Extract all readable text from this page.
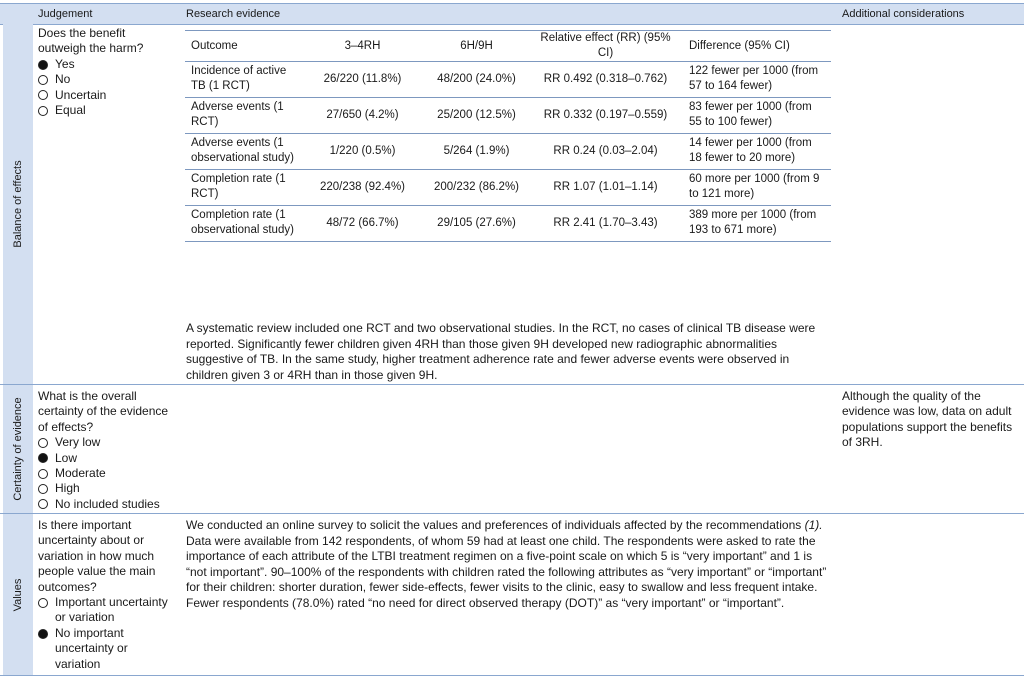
Judgement	Research evidence	Additional considerations
Balance of effects
Does the benefit outweigh the harm?
Yes
No
Uncertain
Equal
Outcome	3–4RH	6H/9H	Relative effect (RR) (95% CI)	Difference (95% CI)
Incidence of active TB (1 RCT)	26/220 (11.8%)	48/200 (24.0%)	RR 0.492 (0.318–0.762)	122 fewer per 1000 (from 57 to 164 fewer)
Adverse events (1 RCT)	27/650 (4.2%)	25/200 (12.5%)	RR 0.332 (0.197–0.559)	83 fewer per 1000 (from 55 to 100 fewer)
Adverse events (1 observational study)	1/220 (0.5%)	5/264 (1.9%)	RR 0.24 (0.03–2.04)	14 fewer per 1000 (from 18 fewer to 20 more)
Completion rate (1 RCT)	220/238 (92.4%)	200/232 (86.2%)	RR 1.07 (1.01–1.14)	60 more per 1000 (from 9 to 121 more)
Completion rate (1 observational study)	48/72 (66.7%)	29/105 (27.6%)	RR 2.41 (1.70–3.43)	389 more per 1000 (from 193 to 671 more)
A systematic review included one RCT and two observational studies. In the RCT, no cases of clinical TB disease were reported. Significantly fewer children given 4RH than those given 9H developed new radiographic abnormalities suggestive of TB. In the same study, higher treatment adherence rate and fewer adverse events were observed in children given 3 or 4RH than in those given 9H.
Certainty of evidence
What is the overall certainty of the evidence of effects?
Very low
Low
Moderate
High
No included studies
Although the quality of the evidence was low, data on adult populations support the benefits of 3RH.
Values
Is there important uncertainty about or variation in how much people value the main outcomes?
Important uncertainty or variation
No important uncertainty or variation
We conducted an online survey to solicit the values and preferences of individuals affected by the recommendations (1). Data were available from 142 respondents, of whom 59 had at least one child. The respondents were asked to rate the importance of each attribute of the LTBI treatment regimen on a five-point scale on which 5 is “very important” and 1 is “not important”. 90–100% of the respondents with children rated the following attributes as “very important” or “important” for their children: shorter duration, fewer side-effects, fewer visits to the clinic, easy to swallow and less frequent intake. Fewer respondents (78.0%) rated “no need for direct observed therapy (DOT)” as “very important” or “important”.
